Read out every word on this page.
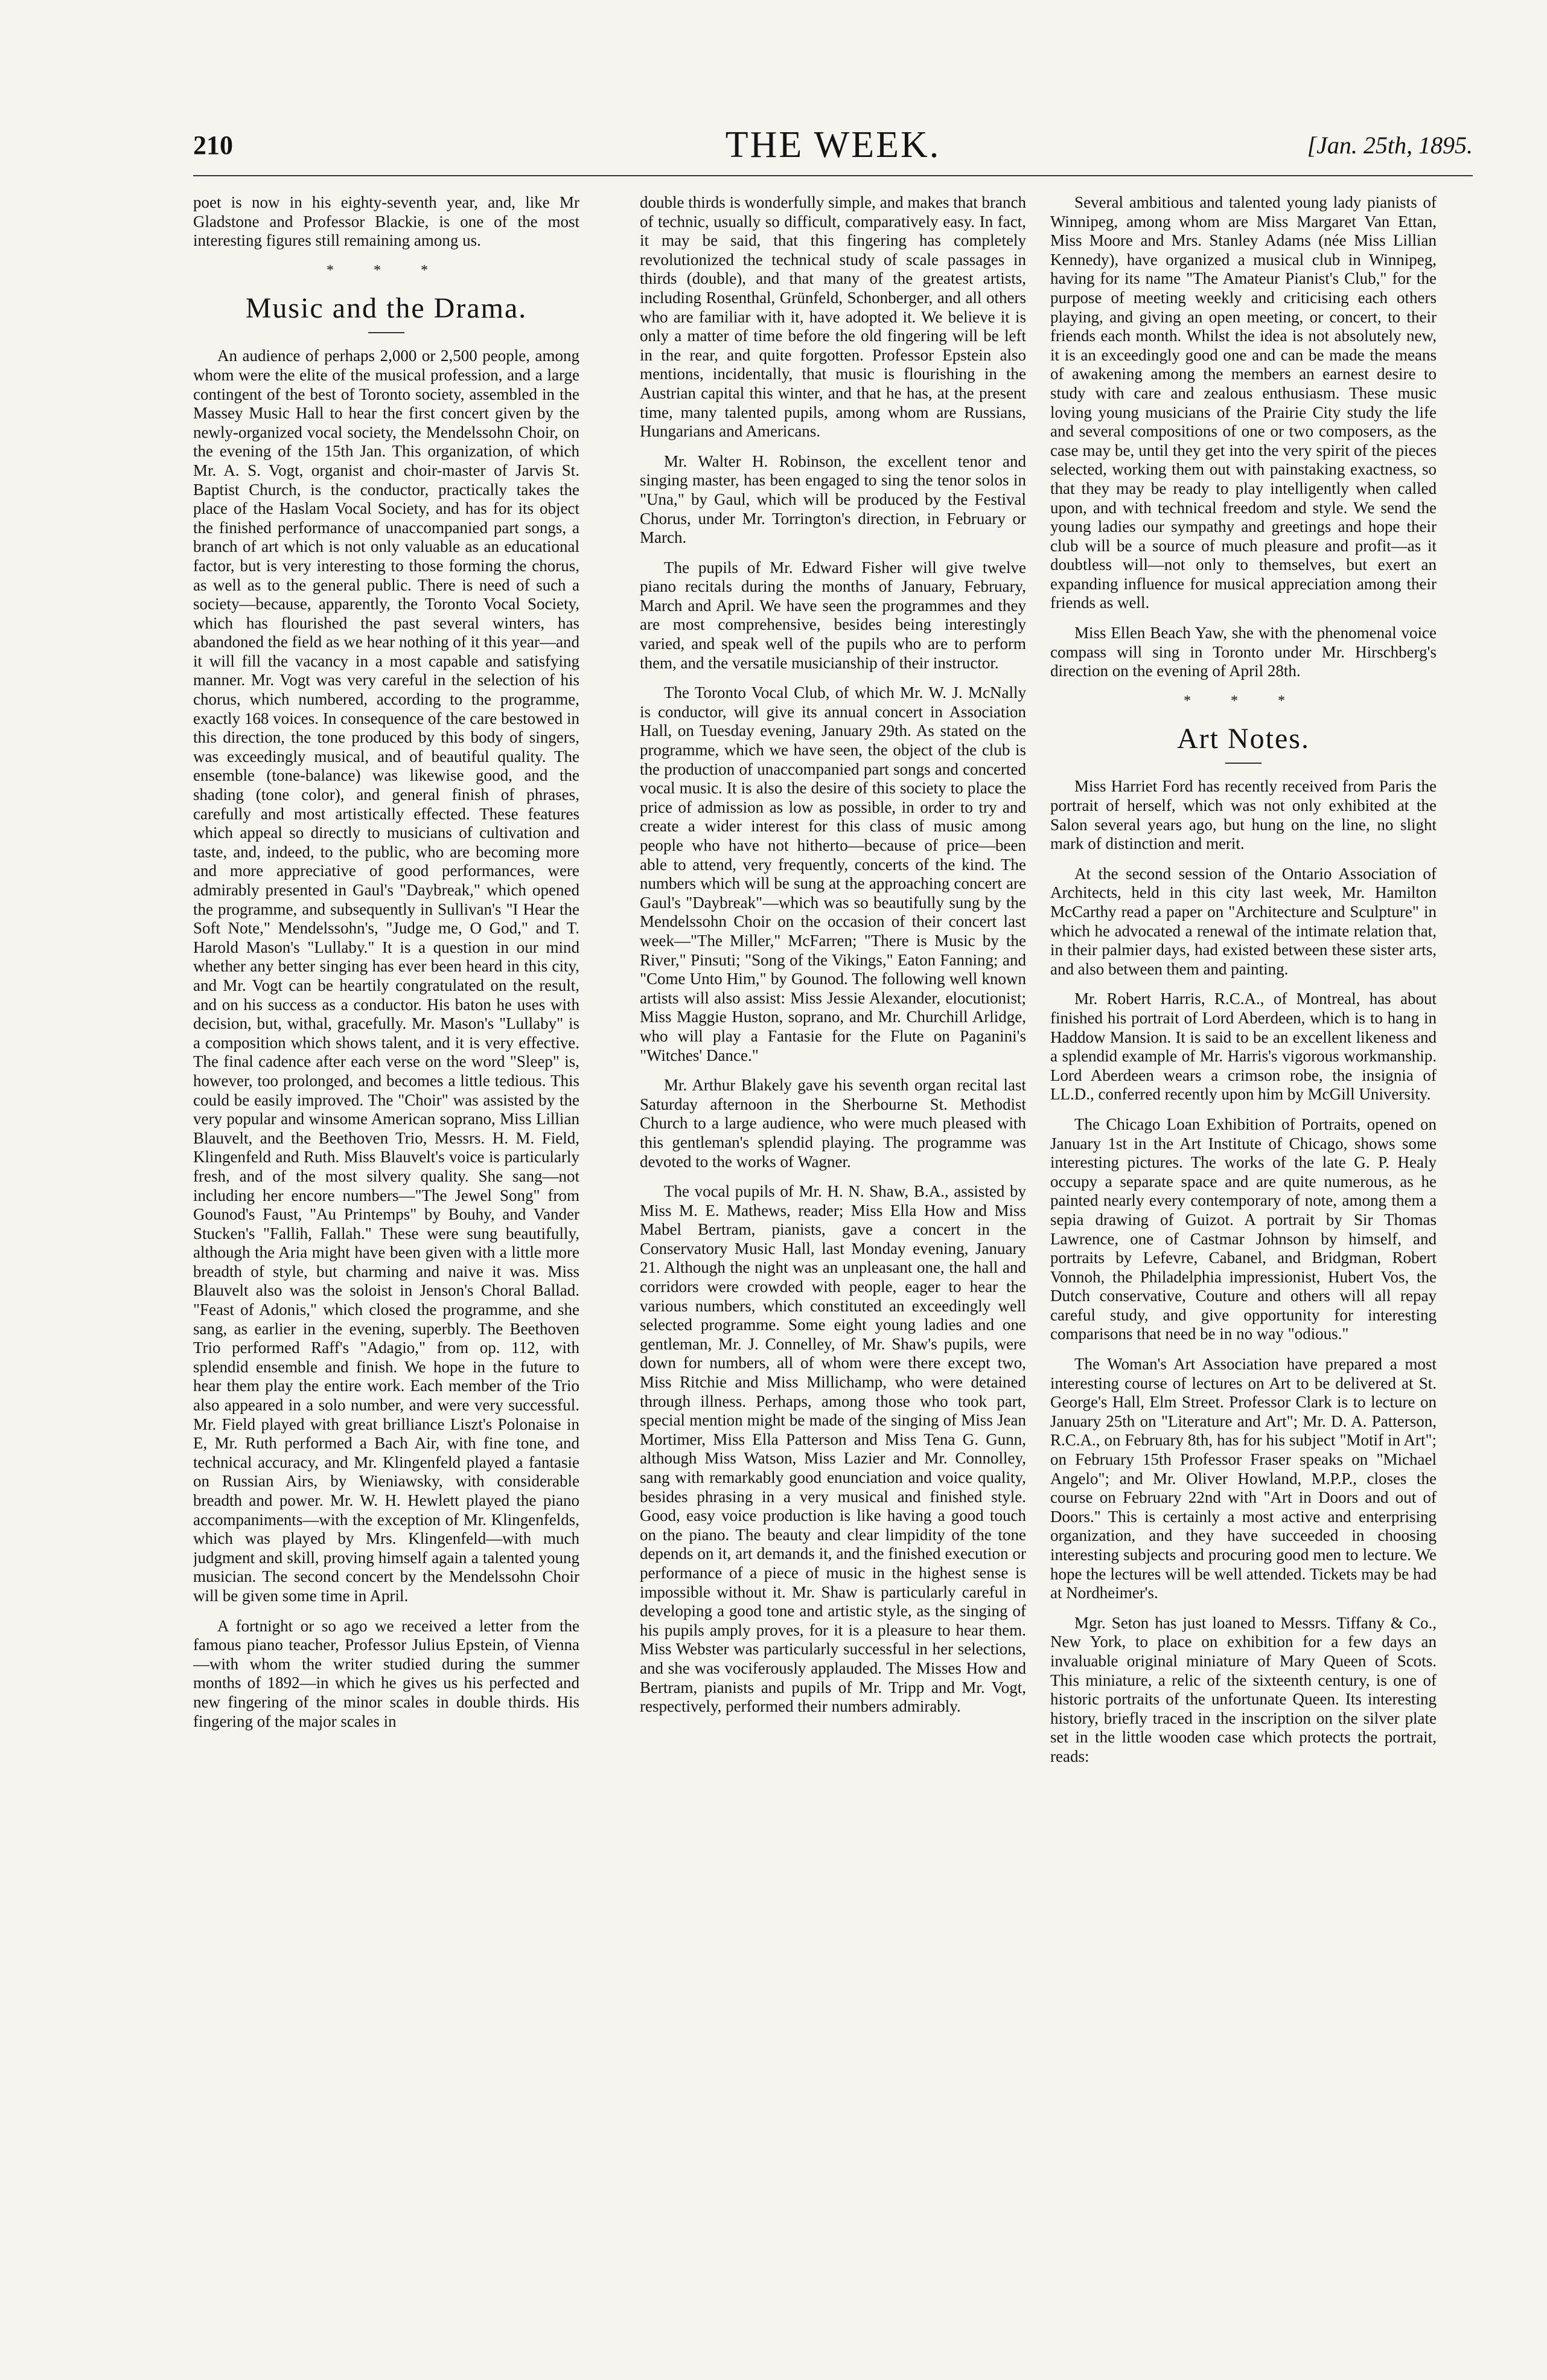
210	THE WEEK.	[Jan. 25th, 1895.

poet is now in his eighty-seventh year, and, like Mr Gladstone and Professor Blackie, is one of the most interesting figures still remaining among us.

* * *
Music and the Drama.

An audience of perhaps 2,000 or 2,500 people, among whom were the elite of the musical profession, and a large contingent of the best of Toronto society, assembled in the Massey Music Hall to hear the first concert given by the newly-organized vocal society, the Mendelssohn Choir, on the evening of the 15th Jan. This organization, of which Mr. A. S. Vogt, organist and choir-master of Jarvis St. Baptist Church, is the conductor, practically takes the place of the Haslam Vocal Society, and has for its object the finished performance of unaccompanied part songs, a branch of art which is not only valuable as an educational factor, but is very interesting to those forming the chorus, as well as to the general public. There is need of such a society—because, apparently, the Toronto Vocal Society, which has flourished the past several winters, has abandoned the field as we hear nothing of it this year—and it will fill the vacancy in a most capable and satisfying manner. Mr. Vogt was very careful in the selection of his chorus, which numbered, according to the programme, exactly 168 voices. In consequence of the care bestowed in this direction, the tone produced by this body of singers, was exceedingly musical, and of beautiful quality. The ensemble (tone-balance) was likewise good, and the shading (tone color), and general finish of phrases, carefully and most artistically effected. These features which appeal so directly to musicians of cultivation and taste, and, indeed, to the public, who are becoming more and more appreciative of good performances, were admirably presented in Gaul's "Daybreak," which opened the programme, and subsequently in Sullivan's "I Hear the Soft Note," Mendelssohn's, "Judge me, O God," and T. Harold Mason's "Lullaby." It is a question in our mind whether any better singing has ever been heard in this city, and Mr. Vogt can be heartily congratulated on the result, and on his success as a conductor. His baton he uses with decision, but, withal, gracefully. Mr. Mason's "Lullaby" is a composition which shows talent, and it is very effective. The final cadence after each verse on the word "Sleep" is, however, too prolonged, and becomes a little tedious. This could be easily improved. The "Choir" was assisted by the very popular and winsome American soprano, Miss Lillian Blauvelt, and the Beethoven Trio, Messrs. H. M. Field, Klingenfeld and Ruth. Miss Blauvelt's voice is particularly fresh, and of the most silvery quality. She sang—not including her encore numbers—"The Jewel Song" from Gounod's Faust, "Au Printemps" by Bouhy, and Vander Stucken's "Fallih, Fallah." These were sung beautifully, although the Aria might have been given with a little more breadth of style, but charming and naive it was. Miss Blauvelt also was the soloist in Jenson's Choral Ballad. "Feast of Adonis," which closed the programme, and she sang, as earlier in the evening, superbly. The Beethoven Trio performed Raff's "Adagio," from op. 112, with splendid ensemble and finish. We hope in the future to hear them play the entire work. Each member of the Trio also appeared in a solo number, and were very successful. Mr. Field played with great brilliance Liszt's Polonaise in E, Mr. Ruth performed a Bach Air, with fine tone, and technical accuracy, and Mr. Klingenfeld played a fantasie on Russian Airs, by Wieniawsky, with considerable breadth and power. Mr. W. H. Hewlett played the piano accompaniments—with the exception of Mr. Klingenfelds, which was played by Mrs. Klingenfeld—with much judgment and skill, proving himself again a talented young musician. The second concert by the Mendelssohn Choir will be given some time in April.

A fortnight or so ago we received a letter from the famous piano teacher, Professor Julius Epstein, of Vienna—with whom the writer studied during the summer months of 1892—in which he gives us his perfected and new fingering of the minor scales in double thirds. His fingering of the major scales in

double thirds is wonderfully simple, and makes that branch of technic, usually so difficult, comparatively easy. In fact, it may be said, that this fingering has completely revolutionized the technical study of scale passages in thirds (double), and that many of the greatest artists, including Rosenthal, Grünfeld, Schonberger, and all others who are familiar with it, have adopted it. We believe it is only a matter of time before the old fingering will be left in the rear, and quite forgotten. Professor Epstein also mentions, incidentally, that music is flourishing in the Austrian capital this winter, and that he has, at the present time, many talented pupils, among whom are Russians, Hungarians and Americans.

Mr. Walter H. Robinson, the excellent tenor and singing master, has been engaged to sing the tenor solos in "Una," by Gaul, which will be produced by the Festival Chorus, under Mr. Torrington's direction, in February or March.

The pupils of Mr. Edward Fisher will give twelve piano recitals during the months of January, February, March and April. We have seen the programmes and they are most comprehensive, besides being interestingly varied, and speak well of the pupils who are to perform them, and the versatile musicianship of their instructor.

The Toronto Vocal Club, of which Mr. W. J. McNally is conductor, will give its annual concert in Association Hall, on Tuesday evening, January 29th. As stated on the programme, which we have seen, the object of the club is the production of unaccompanied part songs and concerted vocal music. It is also the desire of this society to place the price of admission as low as possible, in order to try and create a wider interest for this class of music among people who have not hitherto—because of price—been able to attend, very frequently, concerts of the kind. The numbers which will be sung at the approaching concert are Gaul's "Daybreak"—which was so beautifully sung by the Mendelssohn Choir on the occasion of their concert last week—"The Miller," McFarren; "There is Music by the River," Pinsuti; "Song of the Vikings," Eaton Fanning; and "Come Unto Him," by Gounod. The following well known artists will also assist: Miss Jessie Alexander, elocutionist; Miss Maggie Huston, soprano, and Mr. Churchill Arlidge, who will play a Fantasie for the Flute on Paganini's "Witches' Dance."

Mr. Arthur Blakely gave his seventh organ recital last Saturday afternoon in the Sherbourne St. Methodist Church to a large audience, who were much pleased with this gentleman's splendid playing. The programme was devoted to the works of Wagner.

The vocal pupils of Mr. H. N. Shaw, B.A., assisted by Miss M. E. Mathews, reader; Miss Ella How and Miss Mabel Bertram, pianists, gave a concert in the Conservatory Music Hall, last Monday evening, January 21. Although the night was an unpleasant one, the hall and corridors were crowded with people, eager to hear the various numbers, which constituted an exceedingly well selected programme. Some eight young ladies and one gentleman, Mr. J. Connelley, of Mr. Shaw's pupils, were down for numbers, all of whom were there except two, Miss Ritchie and Miss Millichamp, who were detained through illness. Perhaps, among those who took part, special mention might be made of the singing of Miss Jean Mortimer, Miss Ella Patterson and Miss Tena G. Gunn, although Miss Watson, Miss Lazier and Mr. Connolley, sang with remarkably good enunciation and voice quality, besides phrasing in a very musical and finished style. Good, easy voice production is like having a good touch on the piano. The beauty and clear limpidity of the tone depends on it, art demands it, and the finished execution or performance of a piece of music in the highest sense is impossible without it. Mr. Shaw is particularly careful in developing a good tone and artistic style, as the singing of his pupils amply proves, for it is a pleasure to hear them. Miss Webster was particularly successful in her selections, and she was vociferously applauded. The Misses How and Bertram, pianists and pupils of Mr. Tripp and Mr. Vogt, respectively, performed their numbers admirably.

Several ambitious and talented young lady pianists of Winnipeg, among whom are Miss Margaret Van Ettan, Miss Moore and Mrs. Stanley Adams (née Miss Lillian Kennedy), have organized a musical club in Winnipeg, having for its name "The Amateur Pianist's Club," for the purpose of meeting weekly and criticising each others playing, and giving an open meeting, or concert, to their friends each month. Whilst the idea is not absolutely new, it is an exceedingly good one and can be made the means of awakening among the members an earnest desire to study with care and zealous enthusiasm. These music loving young musicians of the Prairie City study the life and several compositions of one or two composers, as the case may be, until they get into the very spirit of the pieces selected, working them out with painstaking exactness, so that they may be ready to play intelligently when called upon, and with technical freedom and style. We send the young ladies our sympathy and greetings and hope their club will be a source of much pleasure and profit—as it doubtless will—not only to themselves, but exert an expanding influence for musical appreciation among their friends as well.

Miss Ellen Beach Yaw, she with the phenomenal voice compass will sing in Toronto under Mr. Hirschberg's direction on the evening of April 28th.

* * *
Art Notes.

Miss Harriet Ford has recently received from Paris the portrait of herself, which was not only exhibited at the Salon several years ago, but hung on the line, no slight mark of distinction and merit.

At the second session of the Ontario Association of Architects, held in this city last week, Mr. Hamilton McCarthy read a paper on "Architecture and Sculpture" in which he advocated a renewal of the intimate relation that, in their palmier days, had existed between these sister arts, and also between them and painting.

Mr. Robert Harris, R.C.A., of Montreal, has about finished his portrait of Lord Aberdeen, which is to hang in Haddow Mansion. It is said to be an excellent likeness and a splendid example of Mr. Harris's vigorous workmanship. Lord Aberdeen wears a crimson robe, the insignia of LL.D., conferred recently upon him by McGill University.

The Chicago Loan Exhibition of Portraits, opened on January 1st in the Art Institute of Chicago, shows some interesting pictures. The works of the late G. P. Healy occupy a separate space and are quite numerous, as he painted nearly every contemporary of note, among them a sepia drawing of Guizot. A portrait by Sir Thomas Lawrence, one of Castmar Johnson by himself, and portraits by Lefevre, Cabanel, and Bridgman, Robert Vonnoh, the Philadelphia impressionist, Hubert Vos, the Dutch conservative, Couture and others will all repay careful study, and give opportunity for interesting comparisons that need be in no way "odious."

The Woman's Art Association have prepared a most interesting course of lectures on Art to be delivered at St. George's Hall, Elm Street. Professor Clark is to lecture on January 25th on "Literature and Art"; Mr. D. A. Patterson, R.C.A., on February 8th, has for his subject "Motif in Art"; on February 15th Professor Fraser speaks on "Michael Angelo"; and Mr. Oliver Howland, M.P.P., closes the course on February 22nd with "Art in Doors and out of Doors." This is certainly a most active and enterprising organization, and they have succeeded in choosing interesting subjects and procuring good men to lecture. We hope the lectures will be well attended. Tickets may be had at Nordheimer's.

Mgr. Seton has just loaned to Messrs. Tiffany & Co., New York, to place on exhibition for a few days an invaluable original miniature of Mary Queen of Scots. This miniature, a relic of the sixteenth century, is one of historic portraits of the unfortunate Queen. Its interesting history, briefly traced in the inscription on the silver plate set in the little wooden case which protects the portrait, reads:
